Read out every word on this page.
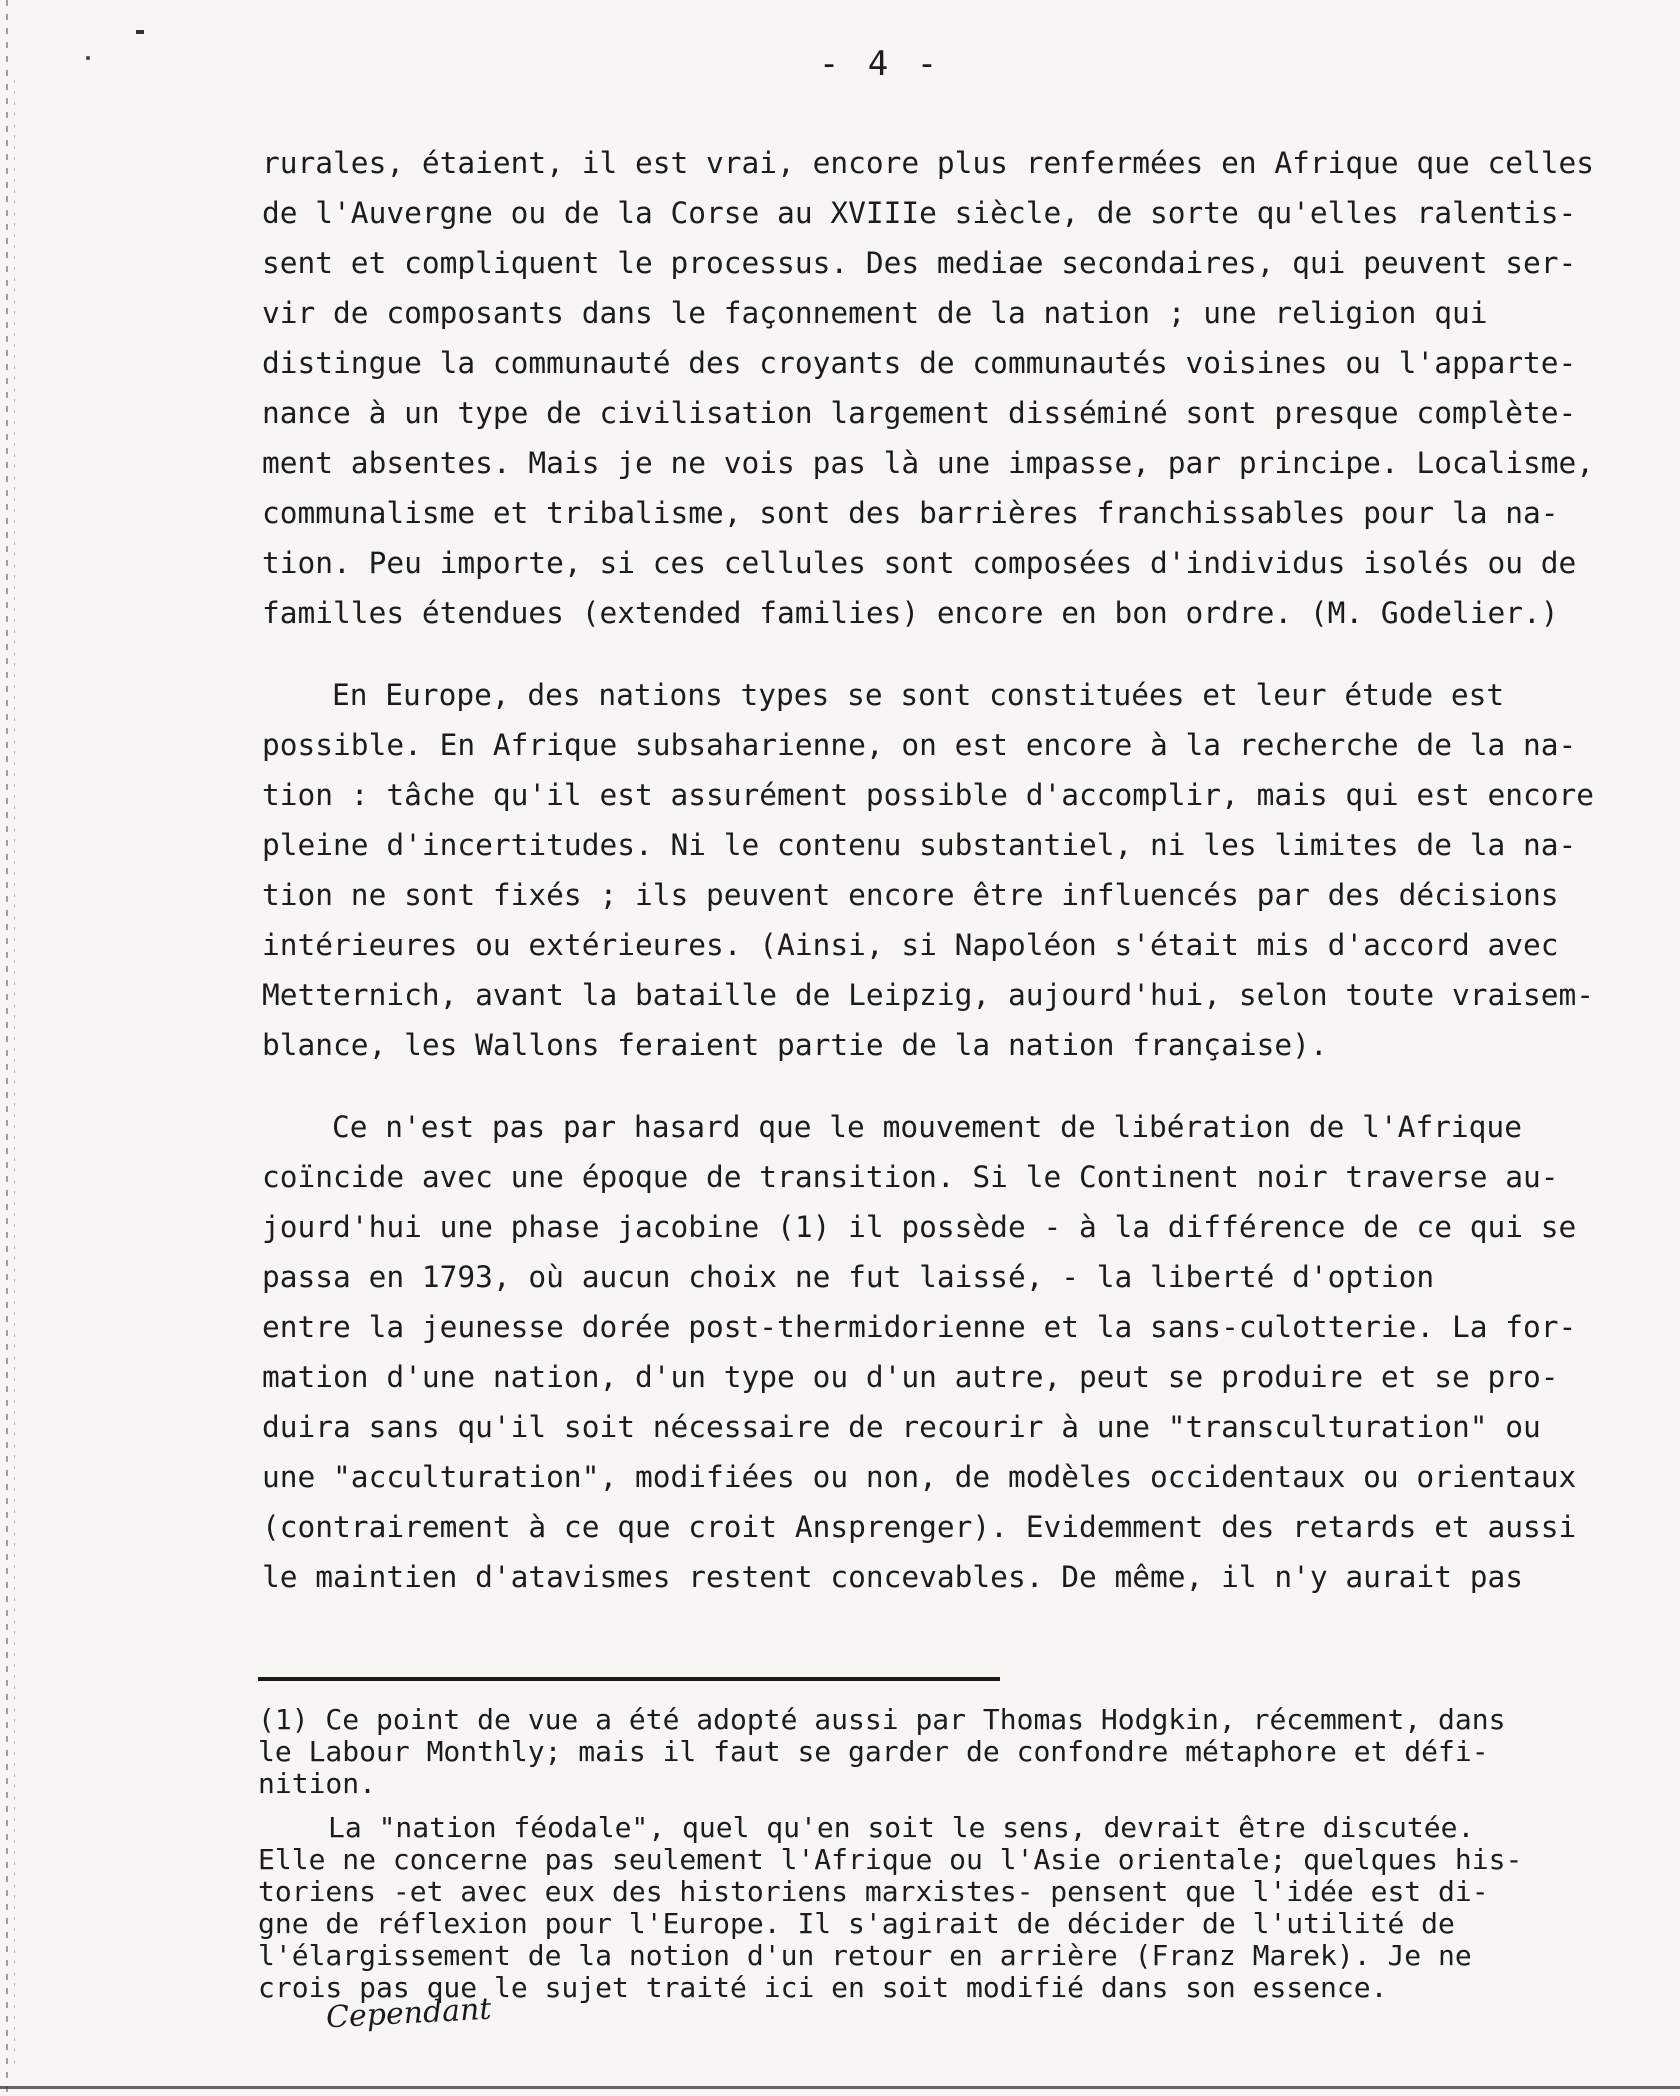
- 4 -

rurales, étaient, il est vrai, encore plus renfermées en Afrique que celles
de l'Auvergne ou de la Corse au XVIIIe siècle, de sorte qu'elles ralentis-
sent et compliquent le processus. Des mediae secondaires, qui peuvent ser-
vir de composants dans le façonnement de la nation ; une religion qui
distingue la communauté des croyants de communautés voisines ou l'apparte-
nance à un type de civilisation largement disséminé sont presque complète-
ment absentes. Mais je ne vois pas là une impasse, par principe. Localisme,
communalisme et tribalisme, sont des barrières franchissables pour la na-
tion. Peu importe, si ces cellules sont composées d'individus isolés ou de
familles étendues (extended families) encore en bon ordre. (M. Godelier.)

En Europe, des nations types se sont constituées et leur étude est
possible. En Afrique subsaharienne, on est encore à la recherche de la na-
tion : tâche qu'il est assurément possible d'accomplir, mais qui est encore
pleine d'incertitudes. Ni le contenu substantiel, ni les limites de la na-
tion ne sont fixés ; ils peuvent encore être influencés par des décisions
intérieures ou extérieures. (Ainsi, si Napoléon s'était mis d'accord avec
Metternich, avant la bataille de Leipzig, aujourd'hui, selon toute vraisem-
blance, les Wallons feraient partie de la nation française).

Ce n'est pas par hasard que le mouvement de libération de l'Afrique
coïncide avec une époque de transition. Si le Continent noir traverse au-
jourd'hui une phase jacobine (1) il possède - à la différence de ce qui se
passa en 1793, où aucun choix ne fut laissé, - la liberté d'option
entre la jeunesse dorée post-thermidorienne et la sans-culotterie. La for-
mation d'une nation, d'un type ou d'un autre, peut se produire et se pro-
duira sans qu'il soit nécessaire de recourir à une "transculturation" ou
une "acculturation", modifiées ou non, de modèles occidentaux ou orientaux
(contrairement à ce que croit Ansprenger). Evidemment des retards et aussi
le maintien d'atavismes restent concevables. De même, il n'y aurait pas

(1) Ce point de vue a été adopté aussi par Thomas Hodgkin, récemment, dans
le Labour Monthly; mais il faut se garder de confondre métaphore et défi-
nition.

La "nation féodale", quel qu'en soit le sens, devrait être discutée.
Elle ne concerne pas seulement l'Afrique ou l'Asie orientale; quelques his-
toriens -et avec eux des historiens marxistes- pensent que l'idée est di-
gne de réflexion pour l'Europe. Il s'agirait de décider de l'utilité de
l'élargissement de la notion d'un retour en arrière (Franz Marek). Je ne
crois pas que le sujet traité ici en soit modifié dans son essence.

Cependant
